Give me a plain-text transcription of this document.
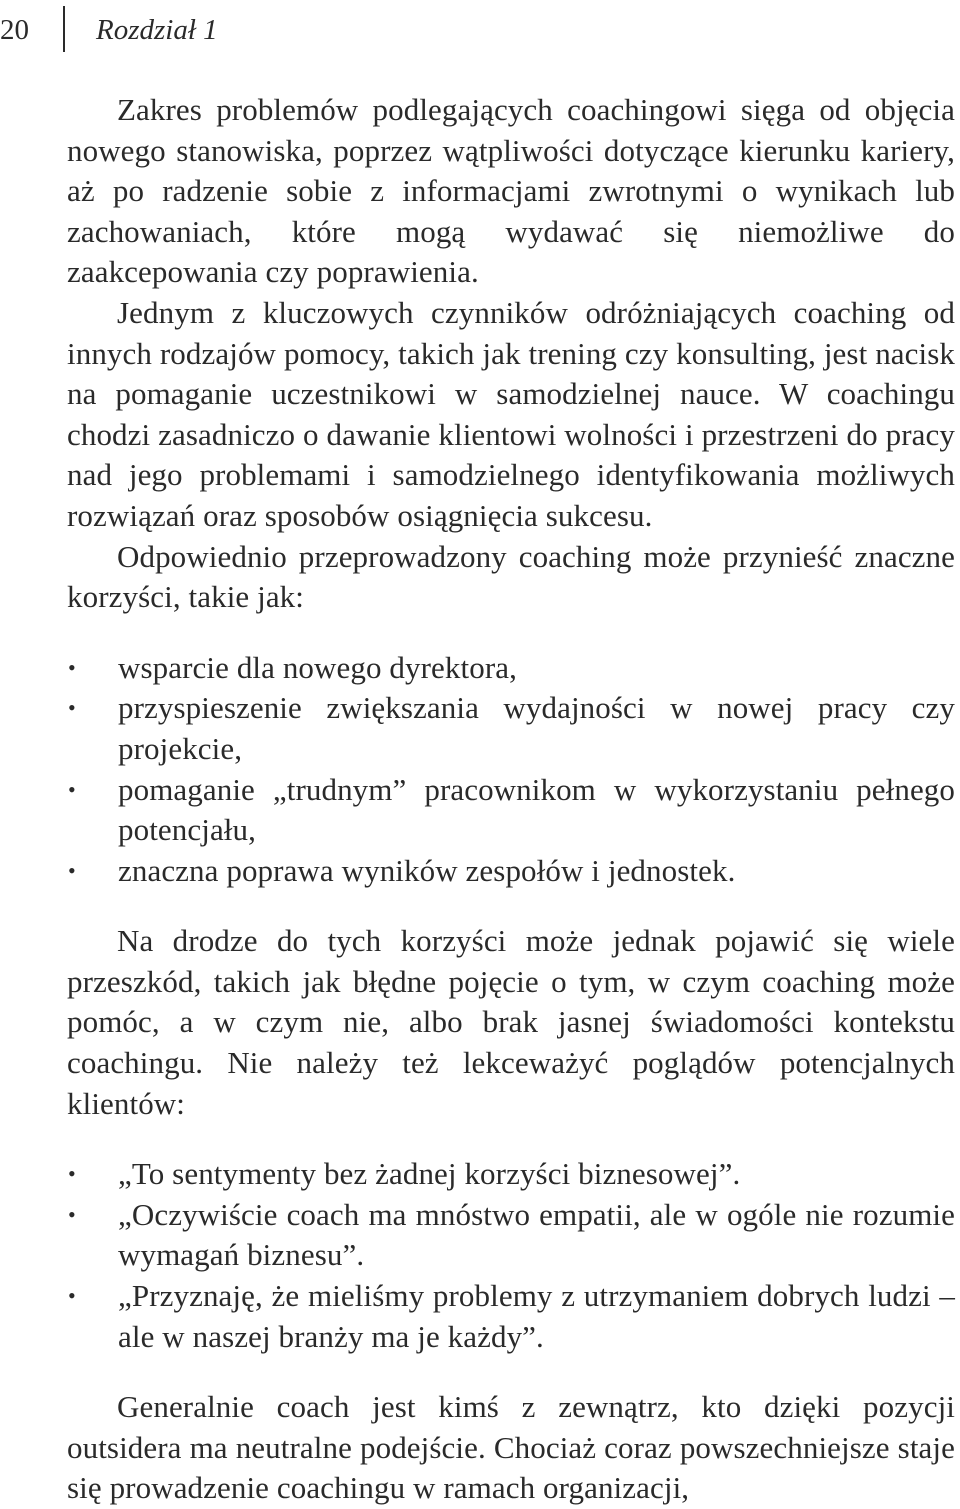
20 Rozdział 1

Zakres problemów podlegających coachingowi sięga od objęcia nowego stanowiska, poprzez wątpliwości dotyczące kierunku kariery, aż po radzenie sobie z informacjami zwrotnymi o wynikach lub zachowaniach, które mogą wydawać się niemożliwe do zaakcepowania czy poprawienia.

Jednym z kluczowych czynników odróżniających coaching od innych rodzajów pomocy, takich jak trening czy konsulting, jest nacisk na pomaganie uczestnikowi w samodzielnej nauce. W coachingu chodzi zasadniczo o dawanie klientowi wolności i przestrzeni do pracy nad jego problemami i samodzielnego identyfikowania możliwych rozwiązań oraz sposobów osiągnięcia sukcesu.

Odpowiednio przeprowadzony coaching może przynieść znaczne korzyści, takie jak:

• wsparcie dla nowego dyrektora,
• przyspieszenie zwiększania wydajności w nowej pracy czy projekcie,
• pomaganie „trudnym” pracownikom w wykorzystaniu pełnego potencjału,
• znaczna poprawa wyników zespołów i jednostek.

Na drodze do tych korzyści może jednak pojawić się wiele przeszkód, takich jak błędne pojęcie o tym, w czym coaching może pomóc, a w czym nie, albo brak jasnej świadomości kontekstu coachingu. Nie należy też lekceważyć poglądów potencjalnych klientów:

• „To sentymenty bez żadnej korzyści biznesowej”.
• „Oczywiście coach ma mnóstwo empatii, ale w ogóle nie rozumie wymagań biznesu”.
• „Przyznaję, że mieliśmy problemy z utrzymaniem dobrych ludzi – ale w naszej branży ma je każdy”.

Generalnie coach jest kimś z zewnątrz, kto dzięki pozycji outsidera ma neutralne podejście. Chociaż coraz powszechniejsze staje się prowadzenie coachingu w ramach organizacji,
